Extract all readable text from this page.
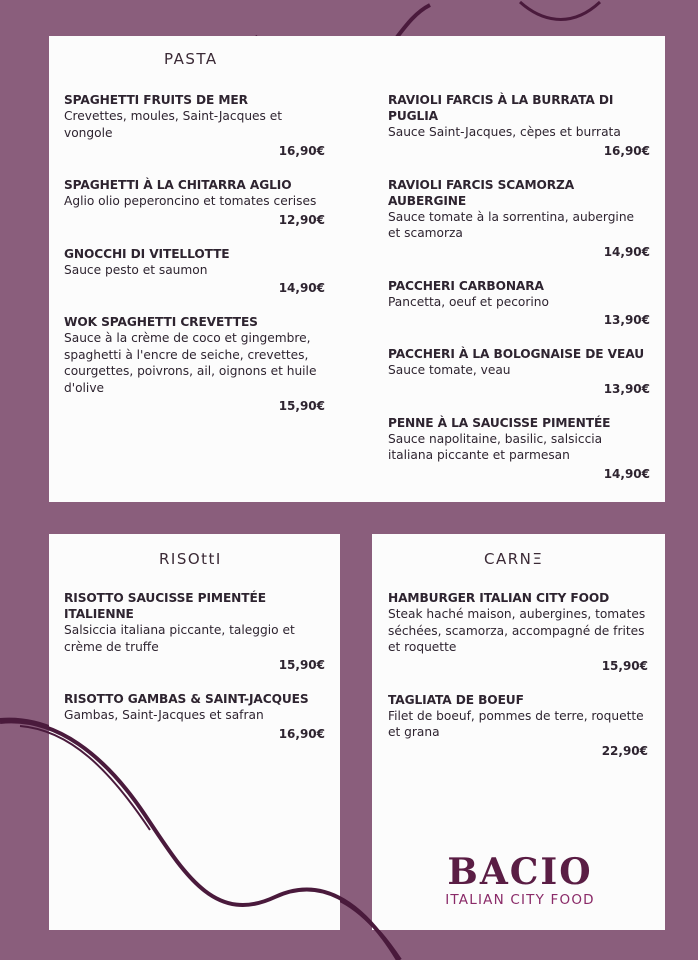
PASTA
SPAGHETTI FRUITS DE MER
Crevettes, moules, Saint-Jacques et vongole
16,90€
SPAGHETTI À LA CHITARRA AGLIO
Aglio olio peperoncino et tomates cerises
12,90€
GNOCCHI DI VITELLOTTE
Sauce pesto et saumon
14,90€
WOK SPAGHETTI CREVETTES
Sauce à la crème de coco et gingembre, spaghetti à l'encre de seiche, crevettes, courgettes, poivrons, ail, oignons et huile d'olive
15,90€
RAVIOLI FARCIS À LA BURRATA DI PUGLIA
Sauce Saint-Jacques, cèpes et burrata
16,90€
RAVIOLI FARCIS SCAMORZA AUBERGINE
Sauce tomate à la sorrentina, aubergine et scamorza
14,90€
PACCHERI CARBONARA
Pancetta, oeuf et pecorino
13,90€
PACCHERI À LA BOLOGNAISE DE VEAU
Sauce tomate, veau
13,90€
PENNE À LA SAUCISSE PIMENTÉE
Sauce napolitaine, basilic, salsiccia italiana piccante et parmesan
14,90€
RISOttI
RISOTTO SAUCISSE PIMENTÉE ITALIENNE
Salsiccia italiana piccante, taleggio et crème de truffe
15,90€
RISOTTO GAMBAS & SAINT-JACQUES
Gambas, Saint-Jacques et safran
16,90€
CARNΞ
HAMBURGER ITALIAN CITY FOOD
Steak haché maison, aubergines, tomates séchées, scamorza, accompagné de frites et roquette
15,90€
TAGLIATA DE BOEUF
Filet de boeuf, pommes de terre, roquette et grana
22,90€
BACIO
ITALIAN CITY FOOD
